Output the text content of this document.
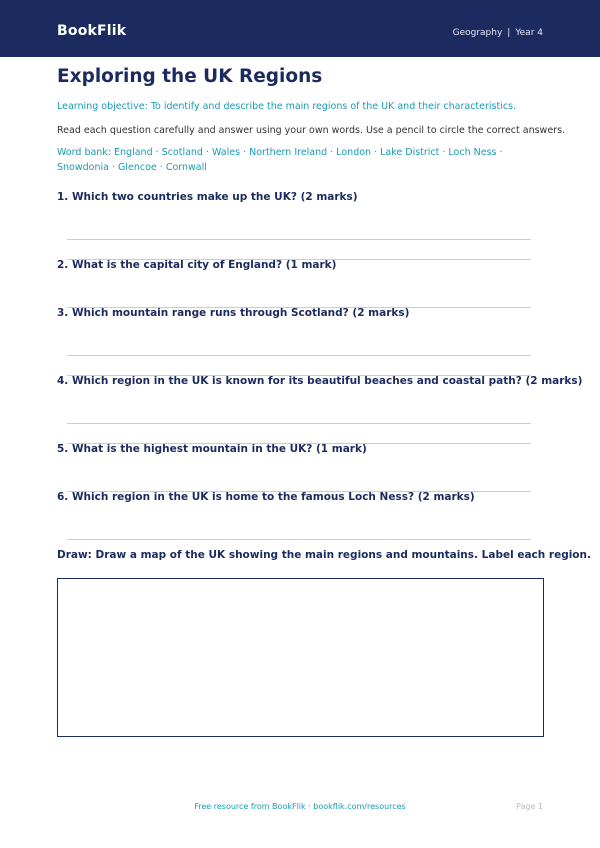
BookFlik	Geography | Year 4
Exploring the UK Regions
Learning objective: To identify and describe the main regions of the UK and their characteristics.
Read each question carefully and answer using your own words. Use a pencil to circle the correct answers.
Word bank: England · Scotland · Wales · Northern Ireland · London · Lake District · Loch Ness · Snowdonia · Glencoe · Cornwall
1. Which two countries make up the UK? (2 marks)
2. What is the capital city of England? (1 mark)
3. Which mountain range runs through Scotland? (2 marks)
4. Which region in the UK is known for its beautiful beaches and coastal path? (2 marks)
5. What is the highest mountain in the UK? (1 mark)
6. Which region in the UK is home to the famous Loch Ness? (2 marks)
Draw: Draw a map of the UK showing the main regions and mountains. Label each region.
Free resource from BookFlik · bookflik.com/resources	Page 1
